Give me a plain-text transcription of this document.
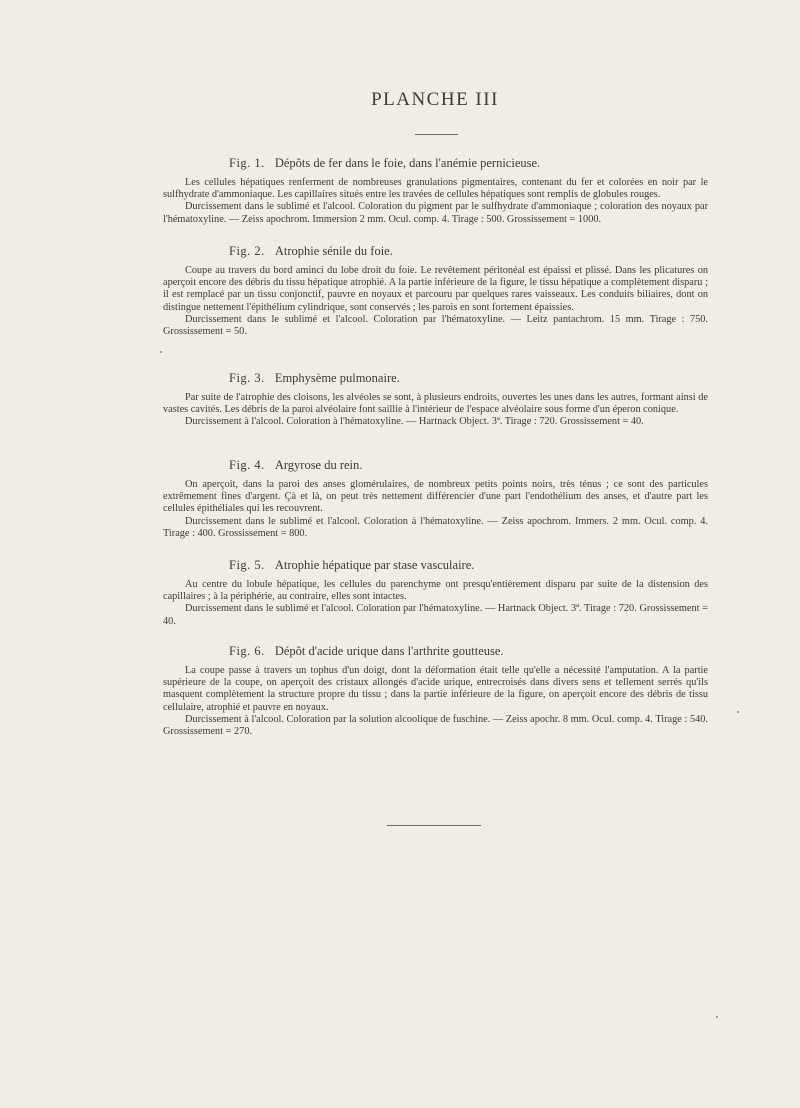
PLANCHE III
Fig. 1. Dépôts de fer dans le foie, dans l'anémie pernicieuse.

Les cellules hépatiques renferment de nombreuses granulations pigmentaires, contenant du fer et colorées en noir par le sulfhydrate d'ammoniaque. Les capillaires situés entre les travées de cellules hépatiques sont remplis de globules rouges.

Durcissement dans le sublimé et l'alcool. Coloration du pigment par le sulfhydrate d'ammoniaque ; coloration des noyaux par l'hématoxyline. — Zeiss apochrom. Immersion 2 mm. Ocul. comp. 4. Tirage : 500. Grossissement = 1000.

Fig. 2. Atrophie sénile du foie.

Coupe au travers du bord aminci du lobe droit du foie. Le revêtement péritonéal est épaissi et plissé. Dans les plicatures on aperçoit encore des débris du tissu hépatique atrophié. A la partie inférieure de la figure, le tissu hépatique a complètement disparu ; il est remplacé par un tissu conjonctif, pauvre en noyaux et parcouru par quelques rares vaisseaux. Les conduits biliaires, dont on distingue nettement l'épithélium cylindrique, sont conservés ; les parois en sont fortement épaissies.

Durcissement dans le sublimé et l'alcool. Coloration par l'hématoxyline. — Leitz pantachrom. 15 mm. Tirage : 750. Grossissement = 50.

Fig. 3. Emphysème pulmonaire.

Par suite de l'atrophie des cloisons, les alvéoles se sont, à plusieurs endroits, ouvertes les unes dans les autres, formant ainsi de vastes cavités. Les débris de la paroi alvéolaire font saillie à l'intérieur de l'espace alvéolaire sous forme d'un éperon conique.

Durcissement à l'alcool. Coloration à l'hématoxyline. — Hartnack Object. 3ª. Tirage : 720. Grossissement = 40.

Fig. 4. Argyrose du rein.

On aperçoit, dans la paroi des anses glomérulaires, de nombreux petits points noirs, très ténus ; ce sont des particules extrêmement fines d'argent. Çà et là, on peut très nettement différencier d'une part l'endothélium des anses, et d'autre part les cellules épithéliales qui les recouvrent.

Durcissement dans le sublimé et l'alcool. Coloration à l'hématoxyline. — Zeiss apochrom. Immers. 2 mm. Ocul. comp. 4. Tirage : 400. Grossissement = 800.

Fig. 5. Atrophie hépatique par stase vasculaire.

Au centre du lobule hépatique, les cellules du parenchyme ont presqu'entièrement disparu par suite de la distension des capillaires ; à la périphérie, au contraire, elles sont intactes.

Durcissement dans le sublimé et l'alcool. Coloration par l'hématoxyline. — Hartnack Object. 3ª. Tirage : 720. Grossissement = 40.

Fig. 6. Dépôt d'acide urique dans l'arthrite goutteuse.

La coupe passe à travers un tophus d'un doigt, dont la déformation était telle qu'elle a nécessité l'amputation. A la partie supérieure de la coupe, on aperçoit des cristaux allongés d'acide urique, entrecroisés dans divers sens et tellement serrés qu'ils masquent complètement la structure propre du tissu ; dans la partie inférieure de la figure, on aperçoit encore des débris de tissu cellulaire, atrophié et pauvre en noyaux.

Durcissement à l'alcool. Coloration par la solution alcoolique de fuschine. — Zeiss apochr. 8 mm. Ocul. comp. 4. Tirage : 540. Grossissement = 270.
